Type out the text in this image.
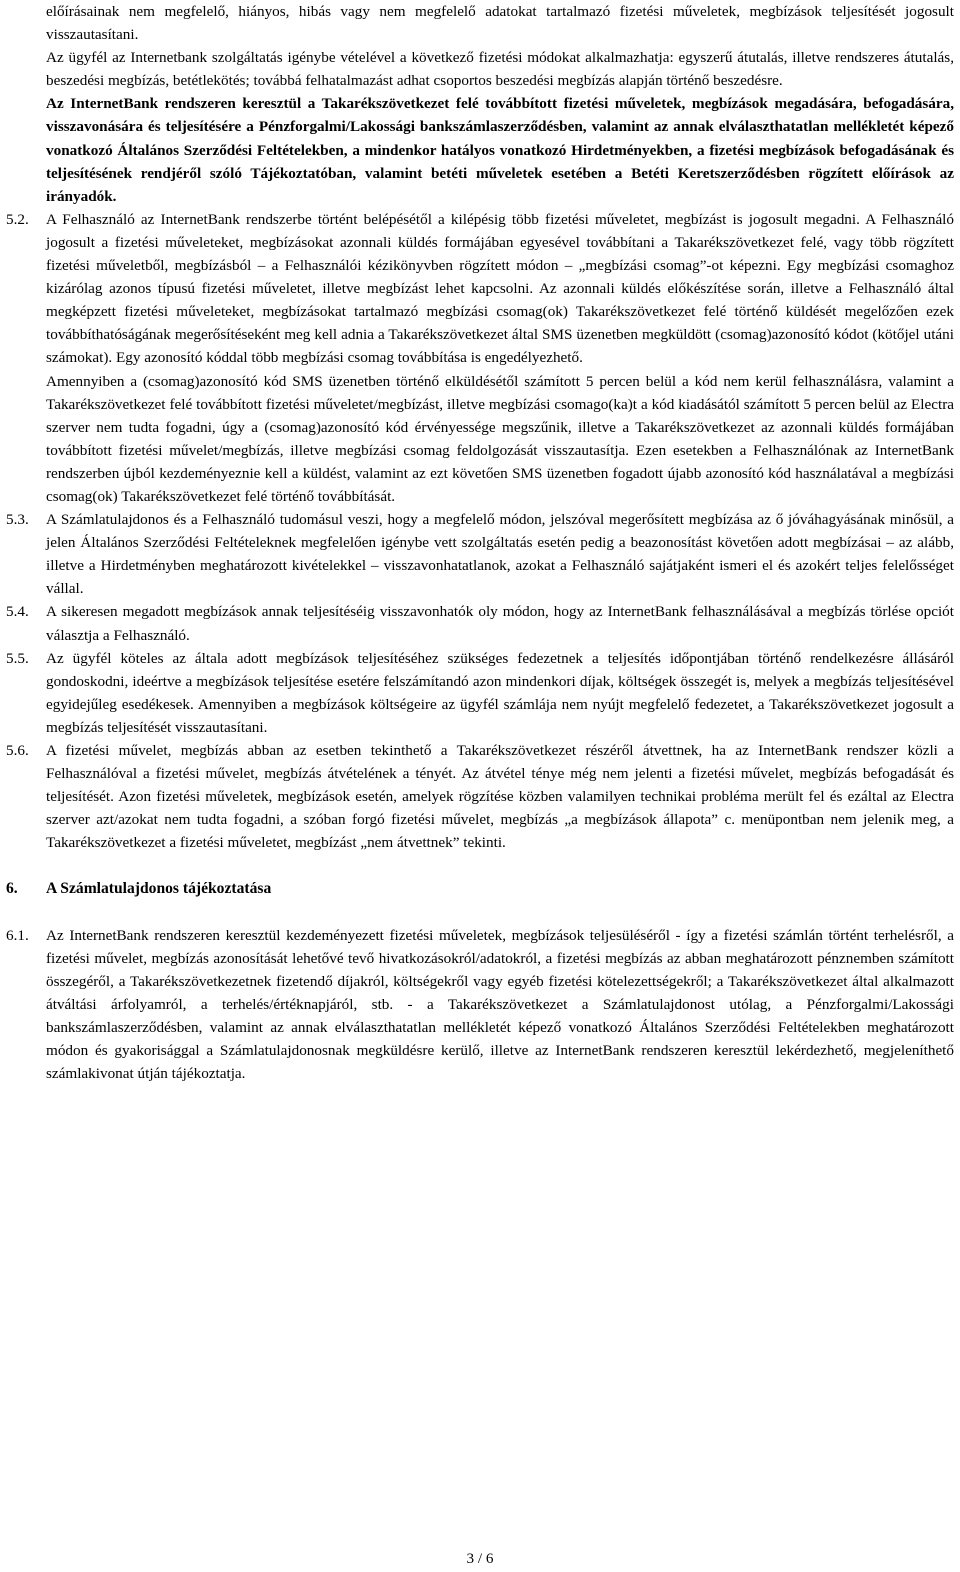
előírásainak nem megfelelő, hiányos, hibás vagy nem megfelelő adatokat tartalmazó fizetési műveletek, megbízások teljesítését jogosult visszautasítani.

Az ügyfél az Internetbank szolgáltatás igénybe vételével a következő fizetési módokat alkalmazhatja: egyszerű átutalás, illetve rendszeres átutalás, beszedési megbízás, betétlekötés; továbbá felhatalmazást adhat csoportos beszedési megbízás alapján történő beszedésre.

Az InternetBank rendszeren keresztül a Takarékszövetkezet felé továbbított fizetési műveletek, megbízások megadására, befogadására, visszavonására és teljesítésére a Pénzforgalmi/Lakossági bankszámlaszerződésben, valamint az annak elválaszthatatlan mellékletét képező vonatkozó Általános Szerződési Feltételekben, a mindenkor hatályos vonatkozó Hirdetményekben, a fizetési megbízások befogadásának és teljesítésének rendjéről szóló Tájékoztatóban, valamint betéti műveletek esetében a Betéti Keretszerződésben rögzített előírások az irányadók.

5.2.	A Felhasználó az InternetBank rendszerbe történt belépésétől a kilépésig több fizetési műveletet, megbízást is jogosult megadni. A Felhasználó jogosult a fizetési műveleteket, megbízásokat azonnali küldés formájában egyesével továbbítani a Takarékszövetkezet felé, vagy több rögzített fizetési műveletből, megbízásból – a Felhasználói kézikönyvben rögzített módon – „megbízási csomag”-ot képezni. Egy megbízási csomaghoz kizárólag azonos típusú fizetési műveletet, illetve megbízást lehet kapcsolni. Az azonnali küldés előkészítése során, illetve a Felhasználó által megképzett fizetési műveleteket, megbízásokat tartalmazó megbízási csomag(ok) Takarékszövetkezet felé történő küldését megelőzően ezek továbbíthatóságának megerősítéseként meg kell adnia a Takarékszövetkezet által SMS üzenetben megküldött (csomag)azonosító kódot (kötőjel utáni számokat). Egy azonosító kóddal több megbízási csomag továbbítása is engedélyezhető.

Amennyiben a (csomag)azonosító kód SMS üzenetben történő elküldésétől számított 5 percen belül a kód nem kerül felhasználásra, valamint a Takarékszövetkezet felé továbbított fizetési műveletet/megbízást, illetve megbízási csomago(ka)t a kód kiadásától számított 5 percen belül az Electra szerver nem tudta fogadni, úgy a (csomag)azonosító kód érvényessége megszűnik, illetve a Takarékszövetkezet az azonnali küldés formájában továbbított fizetési művelet/megbízás, illetve megbízási csomag feldolgozását visszautasítja. Ezen esetekben a Felhasználónak az InternetBank rendszerben újból kezdeményeznie kell a küldést, valamint az ezt követően SMS üzenetben fogadott újabb azonosító kód használatával a megbízási csomag(ok) Takarékszövetkezet felé történő továbbítását.

5.3.	A Számlatulajdonos és a Felhasználó tudomásul veszi, hogy a megfelelő módon, jelszóval megerősített megbízása az ő jóváhagyásának minősül, a jelen Általános Szerződési Feltételeknek megfelelően igénybe vett szolgáltatás esetén pedig a beazonosítást követően adott megbízásai – az alább, illetve a Hirdetményben meghatározott kivételekkel – visszavonhatatlanok, azokat a Felhasználó sajátjaként ismeri el és azokért teljes felelősséget vállal.

5.4.	A sikeresen megadott megbízások annak teljesítéséig visszavonhatók oly módon, hogy az InternetBank felhasználásával a megbízás törlése opciót választja a Felhasználó.

5.5.	Az ügyfél köteles az általa adott megbízások teljesítéséhez szükséges fedezetnek a teljesítés időpontjában történő rendelkezésre állásáról gondoskodni, ideértve a megbízások teljesítése esetére felszámítandó azon mindenkori díjak, költségek összegét is, melyek a megbízás teljesítésével egyidejűleg esedékesek. Amennyiben a megbízások költségeire az ügyfél számlája nem nyújt megfelelő fedezetet, a Takarékszövetkezet jogosult a megbízás teljesítését visszautasítani.

5.6.	A fizetési művelet, megbízás abban az esetben tekinthető a Takarékszövetkezet részéről átvettnek, ha az InternetBank rendszer közli a Felhasználóval a fizetési művelet, megbízás átvételének a tényét. Az átvétel ténye még nem jelenti a fizetési művelet, megbízás befogadását és teljesítését. Azon fizetési műveletek, megbízások esetén, amelyek rögzítése közben valamilyen technikai probléma merült fel és ezáltal az Electra szerver azt/azokat nem tudta fogadni, a szóban forgó fizetési művelet, megbízás „a megbízások állapota” c. menüpontban nem jelenik meg, a Takarékszövetkezet a fizetési műveletet, megbízást „nem átvettnek” tekinti.

6.	A Számlatulajdonos tájékoztatása
6.1.	Az InternetBank rendszeren keresztül kezdeményezett fizetési műveletek, megbízások teljesüléséről - így a fizetési számlán történt terhelésről, a fizetési művelet, megbízás azonosítását lehetővé tevő hivatkozásokról/adatokról, a fizetési megbízás az abban meghatározott pénznemben számított összegéről, a Takarékszövetkezetnek fizetendő díjakról, költségekről vagy egyéb fizetési kötelezettségekről; a Takarékszövetkezet által alkalmazott átváltási árfolyamról, a terhelés/értéknapjáról, stb. - a Takarékszövetkezet a Számlatulajdonost utólag, a Pénzforgalmi/Lakossági bankszámlaszerződésben, valamint az annak elválaszthatatlan mellékletét képező vonatkozó Általános Szerződési Feltételekben meghatározott módon és gyakorisággal a Számlatulajdonosnak megküldésre kerülő, illetve az InternetBank rendszeren keresztül lekérdezhető, megjeleníthető számlakivonat útján tájékoztatja.

3 / 6
